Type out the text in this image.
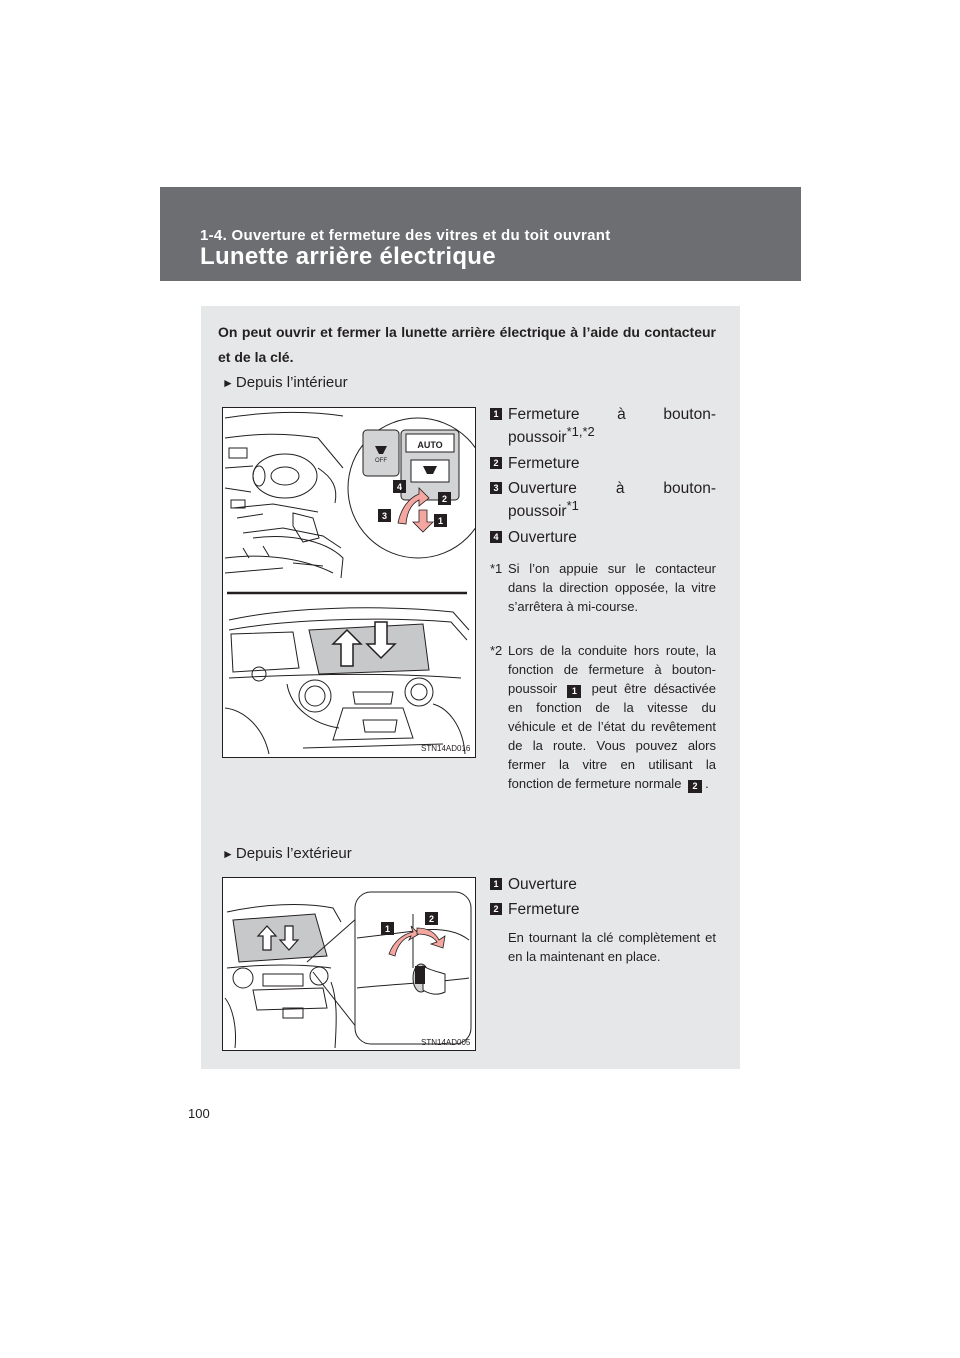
1-4. Ouverture et fermeture des vitres et du toit ouvrant
Lunette arrière électrique
On peut ouvrir et fermer la lunette arrière électrique à l’aide du contacteur et de la clé.
► Depuis l’intérieur
AUTO
OFF
4
2
3	1
STN14AD016
1 Fermeture à bouton-poussoir$^{*1,*2}$
2 Fermeture
3 Ouverture à bouton-poussoir$^{*1}$
4 Ouverture
*1 Si l’on appuie sur le contacteur dans la direction opposée, la vitre s’arrêtera à mi-course.
*2 Lors de la conduite hors route, la fonction de fermeture à bouton-poussoir 1 peut être désactivée en fonction de la vitesse du véhicule et de l’état du revêtement de la route. Vous pouvez alors fermer la vitre en utilisant la fonction de fermeture normale 2 .
► Depuis l’extérieur
1
2
STN14AD005
1 Ouverture
2 Fermeture
En tournant la clé complètement et en la maintenant en place.
100
